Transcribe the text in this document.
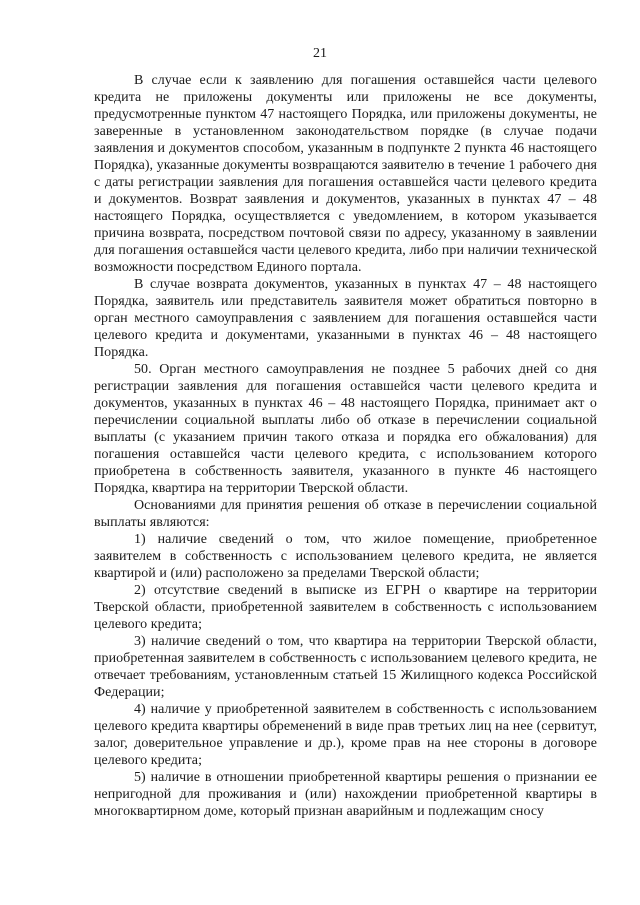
21

В случае если к заявлению для погашения оставшейся части целевого кредита не приложены документы или приложены не все документы, предусмотренные пунктом 47 настоящего Порядка, или приложены документы, не заверенные в установленном законодательством порядке (в случае подачи заявления и документов способом, указанным в подпункте 2 пункта 46 настоящего Порядка), указанные документы возвращаются заявителю в течение 1 рабочего дня с даты регистрации заявления для погашения оставшейся части целевого кредита и документов. Возврат заявления и документов, указанных в пунктах 47 – 48 настоящего Порядка, осуществляется с уведомлением, в котором указывается причина возврата, посредством почтовой связи по адресу, указанному в заявлении для погашения оставшейся части целевого кредита, либо при наличии технической возможности посредством Единого портала.

В случае возврата документов, указанных в пунктах 47 – 48 настоящего Порядка, заявитель или представитель заявителя может обратиться повторно в орган местного самоуправления с заявлением для погашения оставшейся части целевого кредита и документами, указанными в пунктах 46 – 48 настоящего Порядка.

50. Орган местного самоуправления не позднее 5 рабочих дней со дня регистрации заявления для погашения оставшейся части целевого кредита и документов, указанных в пунктах 46 – 48 настоящего Порядка, принимает акт о перечислении социальной выплаты либо об отказе в перечислении социальной выплаты (с указанием причин такого отказа и порядка его обжалования) для погашения оставшейся части целевого кредита, с использованием которого приобретена в собственность заявителя, указанного в пункте 46 настоящего Порядка, квартира на территории Тверской области.

Основаниями для принятия решения об отказе в перечислении социальной выплаты являются:

1) наличие сведений о том, что жилое помещение, приобретенное заявителем в собственность с использованием целевого кредита, не является квартирой и (или) расположено за пределами Тверской области;

2) отсутствие сведений в выписке из ЕГРН о квартире на территории Тверской области, приобретенной заявителем в собственность с использованием целевого кредита;

3) наличие сведений о том, что квартира на территории Тверской области, приобретенная заявителем в собственность с использованием целевого кредита, не отвечает требованиям, установленным статьей 15 Жилищного кодекса Российской Федерации;

4) наличие у приобретенной заявителем в собственность с использованием целевого кредита квартиры обременений в виде прав третьих лиц на нее (сервитут, залог, доверительное управление и др.), кроме прав на нее стороны в договоре целевого кредита;

5) наличие в отношении приобретенной квартиры решения о признании ее непригодной для проживания и (или) нахождении приобретенной квартиры в многоквартирном доме, который признан аварийным и подлежащим сносу
